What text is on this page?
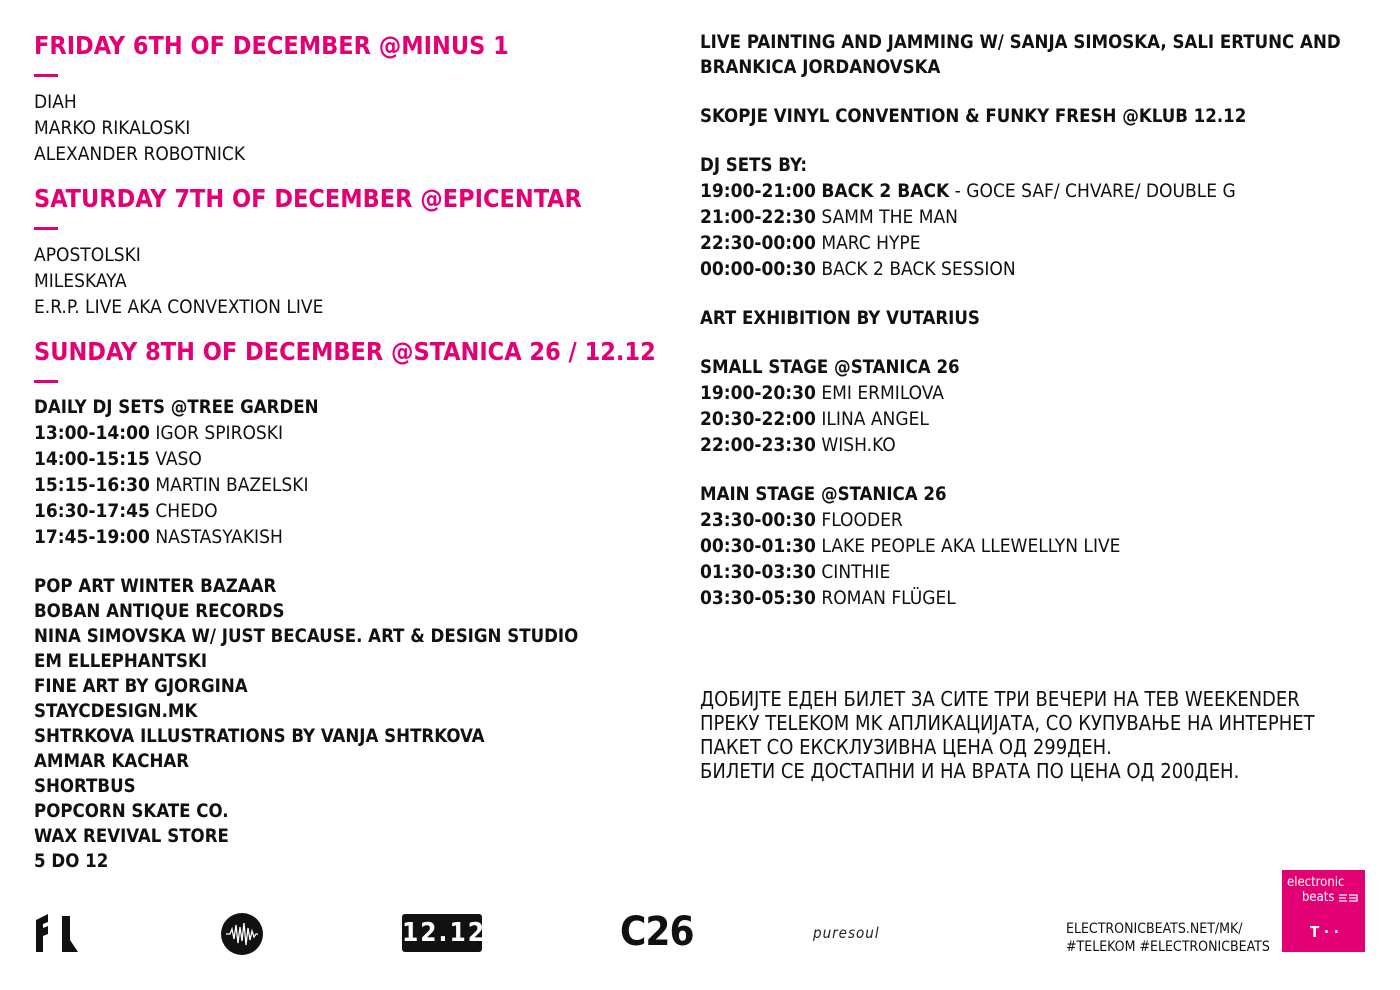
FRIDAY 6TH OF DECEMBER @MINUS 1
DIAH
MARKO RIKALOSKI
ALEXANDER ROBOTNICK
SATURDAY 7TH OF DECEMBER @EPICENTAR
APOSTOLSKI
MILESKAYA
E.R.P. LIVE AKA CONVEXTION LIVE
SUNDAY 8TH OF DECEMBER @STANICA 26 / 12.12
DAILY DJ SETS @TREE GARDEN
13:00-14:00 IGOR SPIROSKI
14:00-15:15 VASO
15:15-16:30 MARTIN BAZELSKI
16:30-17:45 CHEDO
17:45-19:00 NASTASYAKISH
POP ART WINTER BAZAAR
BOBAN ANTIQUE RECORDS
NINA SIMOVSKA W/ JUST BECAUSE. ART & DESIGN STUDIO
EM ELLEPHANTSKI
FINE ART BY GJORGINA
STAYCDESIGN.MK
SHTRKOVA ILLUSTRATIONS BY VANJA SHTRKOVA
AMMAR KACHAR
SHORTBUS
POPCORN SKATE CO.
WAX REVIVAL STORE
5 DO 12
LIVE PAINTING AND JAMMING W/ SANJA SIMOSKA, SALI ERTUNC AND
BRANKICA JORDANOVSKA
SKOPJE VINYL CONVENTION & FUNKY FRESH @KLUB 12.12
DJ SETS BY:
19:00-21:00 BACK 2 BACK - GOCE SAF/ CHVARE/ DOUBLE G
21:00-22:30 SAMM THE MAN
22:30-00:00 MARC HYPE
00:00-00:30 BACK 2 BACK SESSION
ART EXHIBITION BY VUTARIUS
SMALL STAGE @STANICA 26
19:00-20:30 EMI ERMILOVA
20:30-22:00 ILINA ANGEL
22:00-23:30 WISH.KO
MAIN STAGE @STANICA 26
23:30-00:30 FLOODER
00:30-01:30 LAKE PEOPLE AKA LLEWELLYN LIVE
01:30-03:30 CINTHIE
03:30-05:30 ROMAN FLÜGEL
ДОБИЈТЕ ЕДЕН БИЛЕТ ЗА СИТЕ ТРИ ВЕЧЕРИ НА ТЕВ WEEKENDER
ПРЕКУ TELEKOM MK АПЛИКАЦИЈАТА, СО КУПУВАЊЕ НА ИНТЕРНЕТ
ПАКЕТ СО ЕКСКЛУЗИВНА ЦЕНА ОД 299ДЕН.
БИЛЕТИ СЕ ДОСТАПНИ И НА ВРАТА ПО ЦЕНА ОД 200ДЕН.
12.12	C26	puresoul	ELECTRONICBEATS.NET/MK/
#TELEKOM #ELECTRONICBEATS
electronic
beats
T · ·
